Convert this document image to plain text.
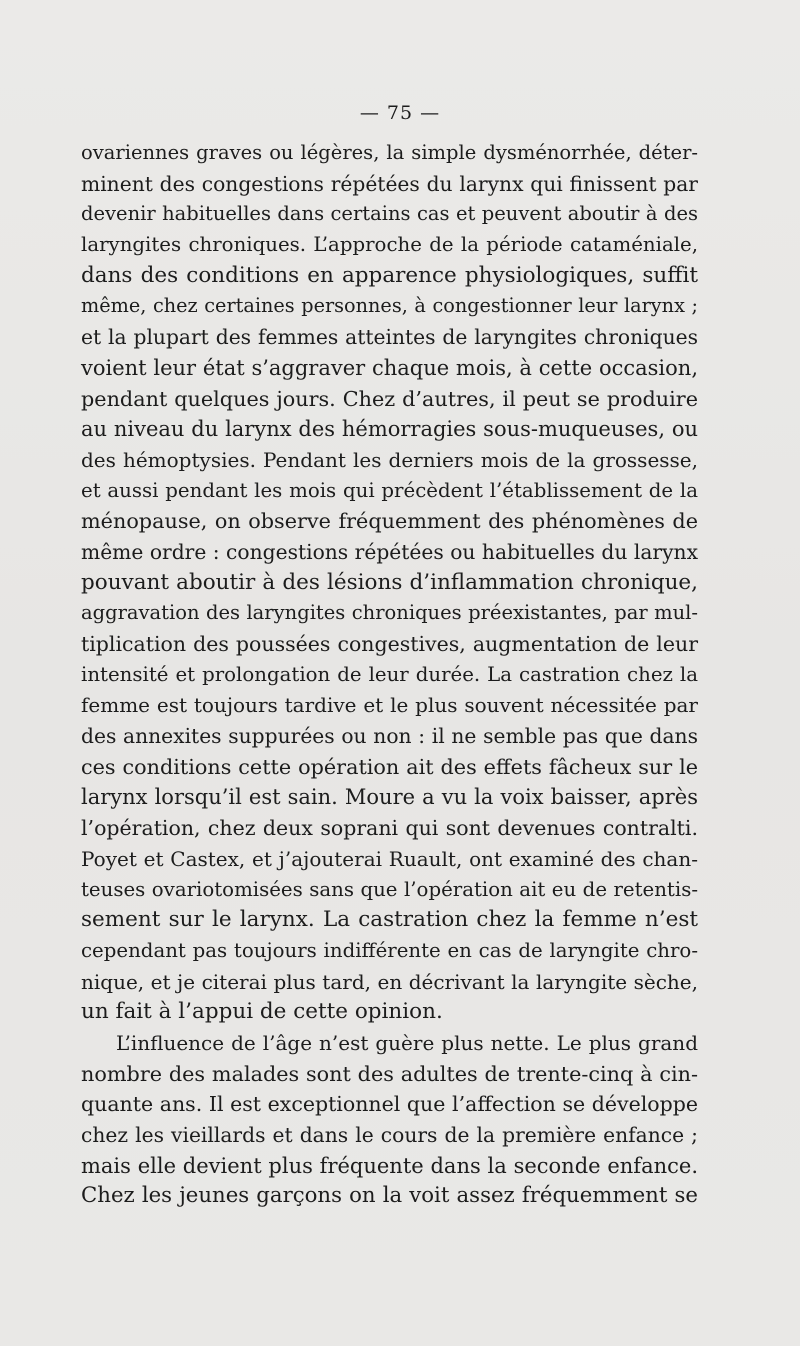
— 75 —
ovariennes graves ou légères, la simple dysménorrhée, déter-
minent des congestions répétées du larynx qui finissent par
devenir habituelles dans certains cas et peuvent aboutir à des
laryngites chroniques. L’approche de la période cataméniale,
dans des conditions en apparence physiologiques, suffit
même, chez certaines personnes, à congestionner leur larynx ;
et la plupart des femmes atteintes de laryngites chroniques
voient leur état s’aggraver chaque mois, à cette occasion,
pendant quelques jours. Chez d’autres, il peut se produire
au niveau du larynx des hémorragies sous-muqueuses, ou
des hémoptysies. Pendant les derniers mois de la grossesse,
et aussi pendant les mois qui précèdent l’établissement de la
ménopause, on observe fréquemment des phénomènes de
même ordre : congestions répétées ou habituelles du larynx
pouvant aboutir à des lésions d’inflammation chronique,
aggravation des laryngites chroniques préexistantes, par mul-
tiplication des poussées congestives, augmentation de leur
intensité et prolongation de leur durée. La castration chez la
femme est toujours tardive et le plus souvent nécessitée par
des annexites suppurées ou non : il ne semble pas que dans
ces conditions cette opération ait des effets fâcheux sur le
larynx lorsqu’il est sain. Moure a vu la voix baisser, après
l’opération, chez deux soprani qui sont devenues contralti.
Poyet et Castex, et j’ajouterai Ruault, ont examiné des chan-
teuses ovariotomisées sans que l’opération ait eu de retentis-
sement sur le larynx. La castration chez la femme n’est
cependant pas toujours indifférente en cas de laryngite chro-
nique, et je citerai plus tard, en décrivant la laryngite sèche,
un fait à l’appui de cette opinion.
L’influence de l’âge n’est guère plus nette. Le plus grand
nombre des malades sont des adultes de trente-cinq à cin-
quante ans. Il est exceptionnel que l’affection se développe
chez les vieillards et dans le cours de la première enfance ;
mais elle devient plus fréquente dans la seconde enfance.
Chez les jeunes garçons on la voit assez fréquemment se
